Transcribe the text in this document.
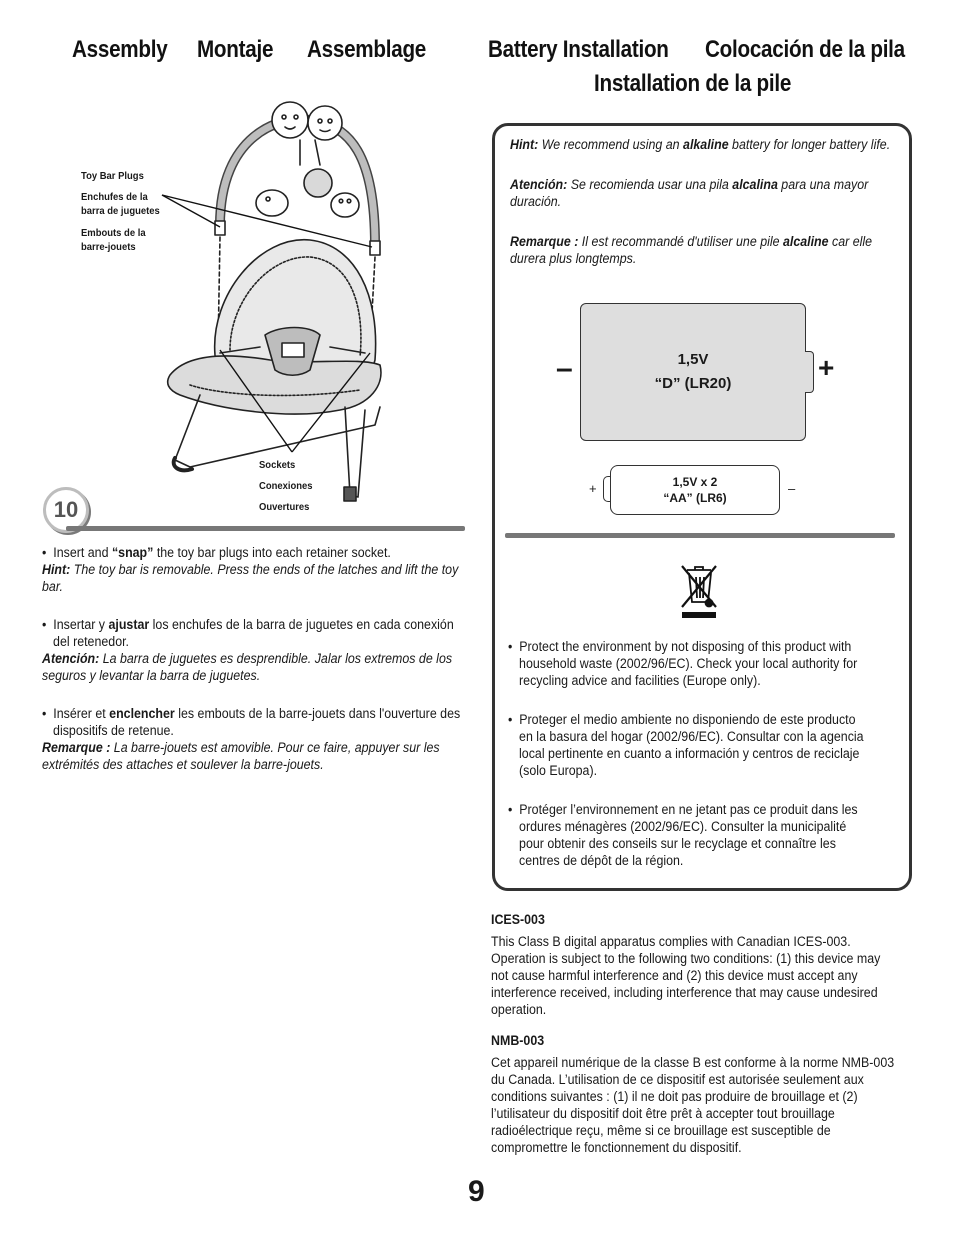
Assembly Montaje Assemblage	Battery Installation Colocación de la pila
Installation de la pile
Toy Bar Plugs
Enchufes de la barra de juguetes
Embouts de la barre-jouets
Sockets
Conexiones
Ouvertures
10
•  Insert and “snap” the toy bar plugs into each retainer socket.
Hint: The toy bar is removable. Press the ends of the latches and lift the toy bar.
•  Insertar y ajustar los enchufes de la barra de juguetes en cada conexión del retenedor.
Atención: La barra de juguetes es desprendible. Jalar los extremos de los seguros y levantar la barra de juguetes.
•  Insérer et enclencher les embouts de la barre-jouets dans l'ouverture des dispositifs de retenue.
Remarque : La barre-jouets est amovible. Pour ce faire, appuyer sur les extrémités des attaches et soulever la barre-jouets.
Hint: We recommend using an alkaline battery for longer battery life.
Atención: Se recomienda usar una pila alcalina para una mayor duración.
Remarque : Il est recommandé d'utiliser une pile alcaline car elle durera plus longtemps.
–	1,5V
“D” (LR20)
+
+	1,5V x 2
“AA” (LR6)
–
•  Protect the environment by not disposing of this product with household waste (2002/96/EC). Check your local authority for recycling advice and facilities (Europe only).
•  Proteger el medio ambiente no disponiendo de este producto en la basura del hogar (2002/96/EC). Consultar con la agencia local pertinente en cuanto a información y centros de reciclaje (solo Europa).
•  Protéger l’environnement en ne jetant pas ce produit dans les ordures ménagères (2002/96/EC). Consulter la municipalité pour obtenir des conseils sur le recyclage et connaître les centres de dépôt de la région.
ICES-003
This Class B digital apparatus complies with Canadian ICES-003. Operation is subject to the following two conditions: (1) this device may not cause harmful interference and (2) this device must accept any interference received, including interference that may cause undesired operation.
NMB-003
Cet appareil numérique de la classe B est conforme à la norme NMB-003 du Canada. L’utilisation de ce dispositif est autorisée seulement aux conditions suivantes : (1) il ne doit pas produire de brouillage et (2) l’utilisateur du dispositif doit être prêt à accepter tout brouillage radioélectrique reçu, même si ce brouillage est susceptible de compromettre le fonctionnement du dispositif.
9
